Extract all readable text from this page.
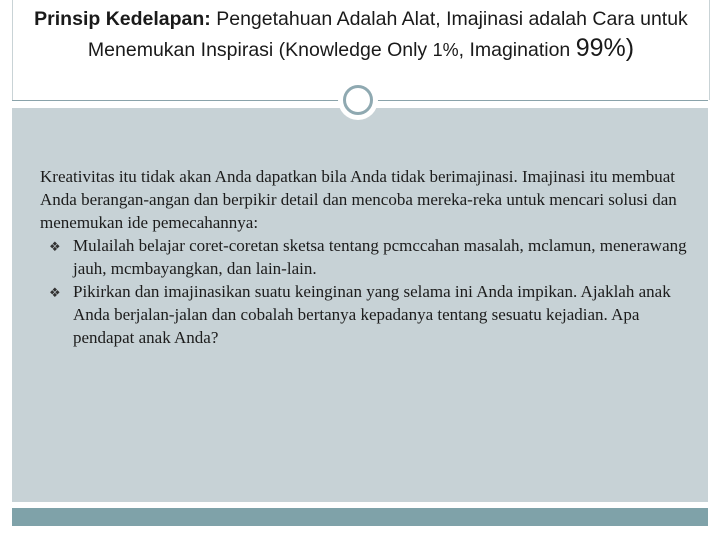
Prinsip Kedelapan: Pengetahuan Adalah Alat, Imajinasi adalah Cara untuk Menemukan Inspirasi (Knowledge Only 1%, Imagination 99%)

Kreativitas itu tidak akan Anda dapatkan bila Anda tidak berimajinasi. Imajinasi itu membuat Anda berangan-angan dan berpikir detail dan mencoba mereka-reka untuk mencari solusi dan menemukan ide pemecahannya:

❖ Mulailah belajar coret-coretan sketsa tentang pcmccahan masalah, mclamun, menerawang jauh, mcmbayangkan, dan lain-lain.
❖ Pikirkan dan imajinasikan suatu keinginan yang selama ini Anda impikan. Ajaklah anak Anda berjalan-jalan dan cobalah bertanya kepadanya tentang sesuatu kejadian. Apa pendapat anak Anda?
